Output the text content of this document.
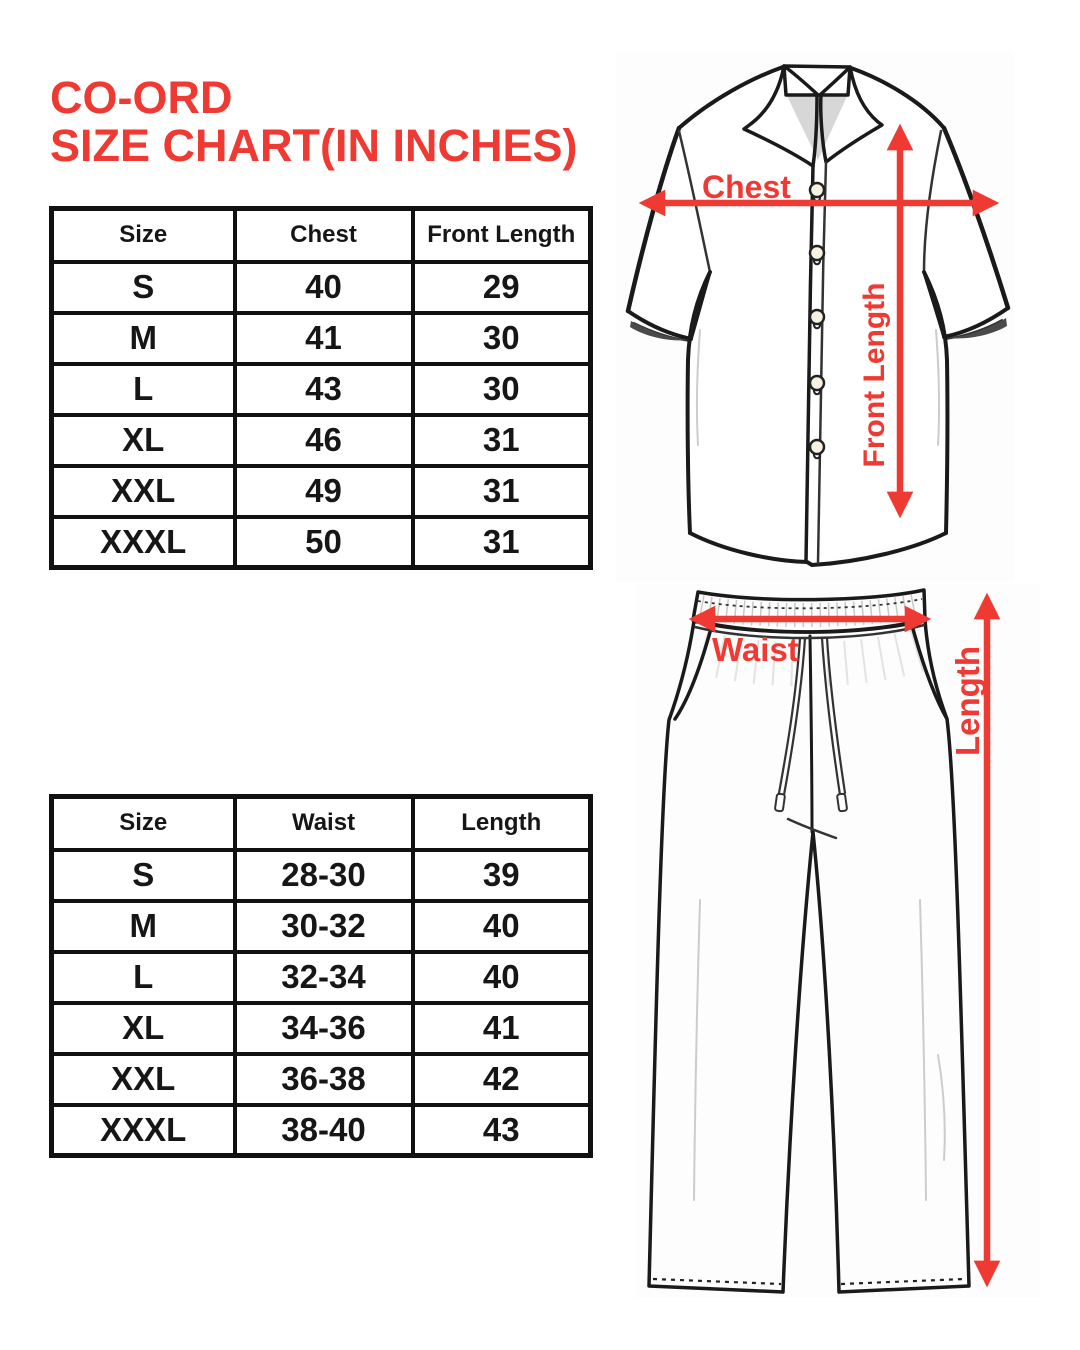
CO-ORD
SIZE CHART(IN INCHES)
Size	Chest	Front Length
S	40	29
M	41	30
L	43	30
XL	46	31
XXL	49	31
XXXL	50	31
Size	Waist	Length
S	28-30	39
M	30-32	40
L	32-34	40
XL	34-36	41
XXL	36-38	42
XXXL	38-40	43
Chest
Front Length
Waist	Length
